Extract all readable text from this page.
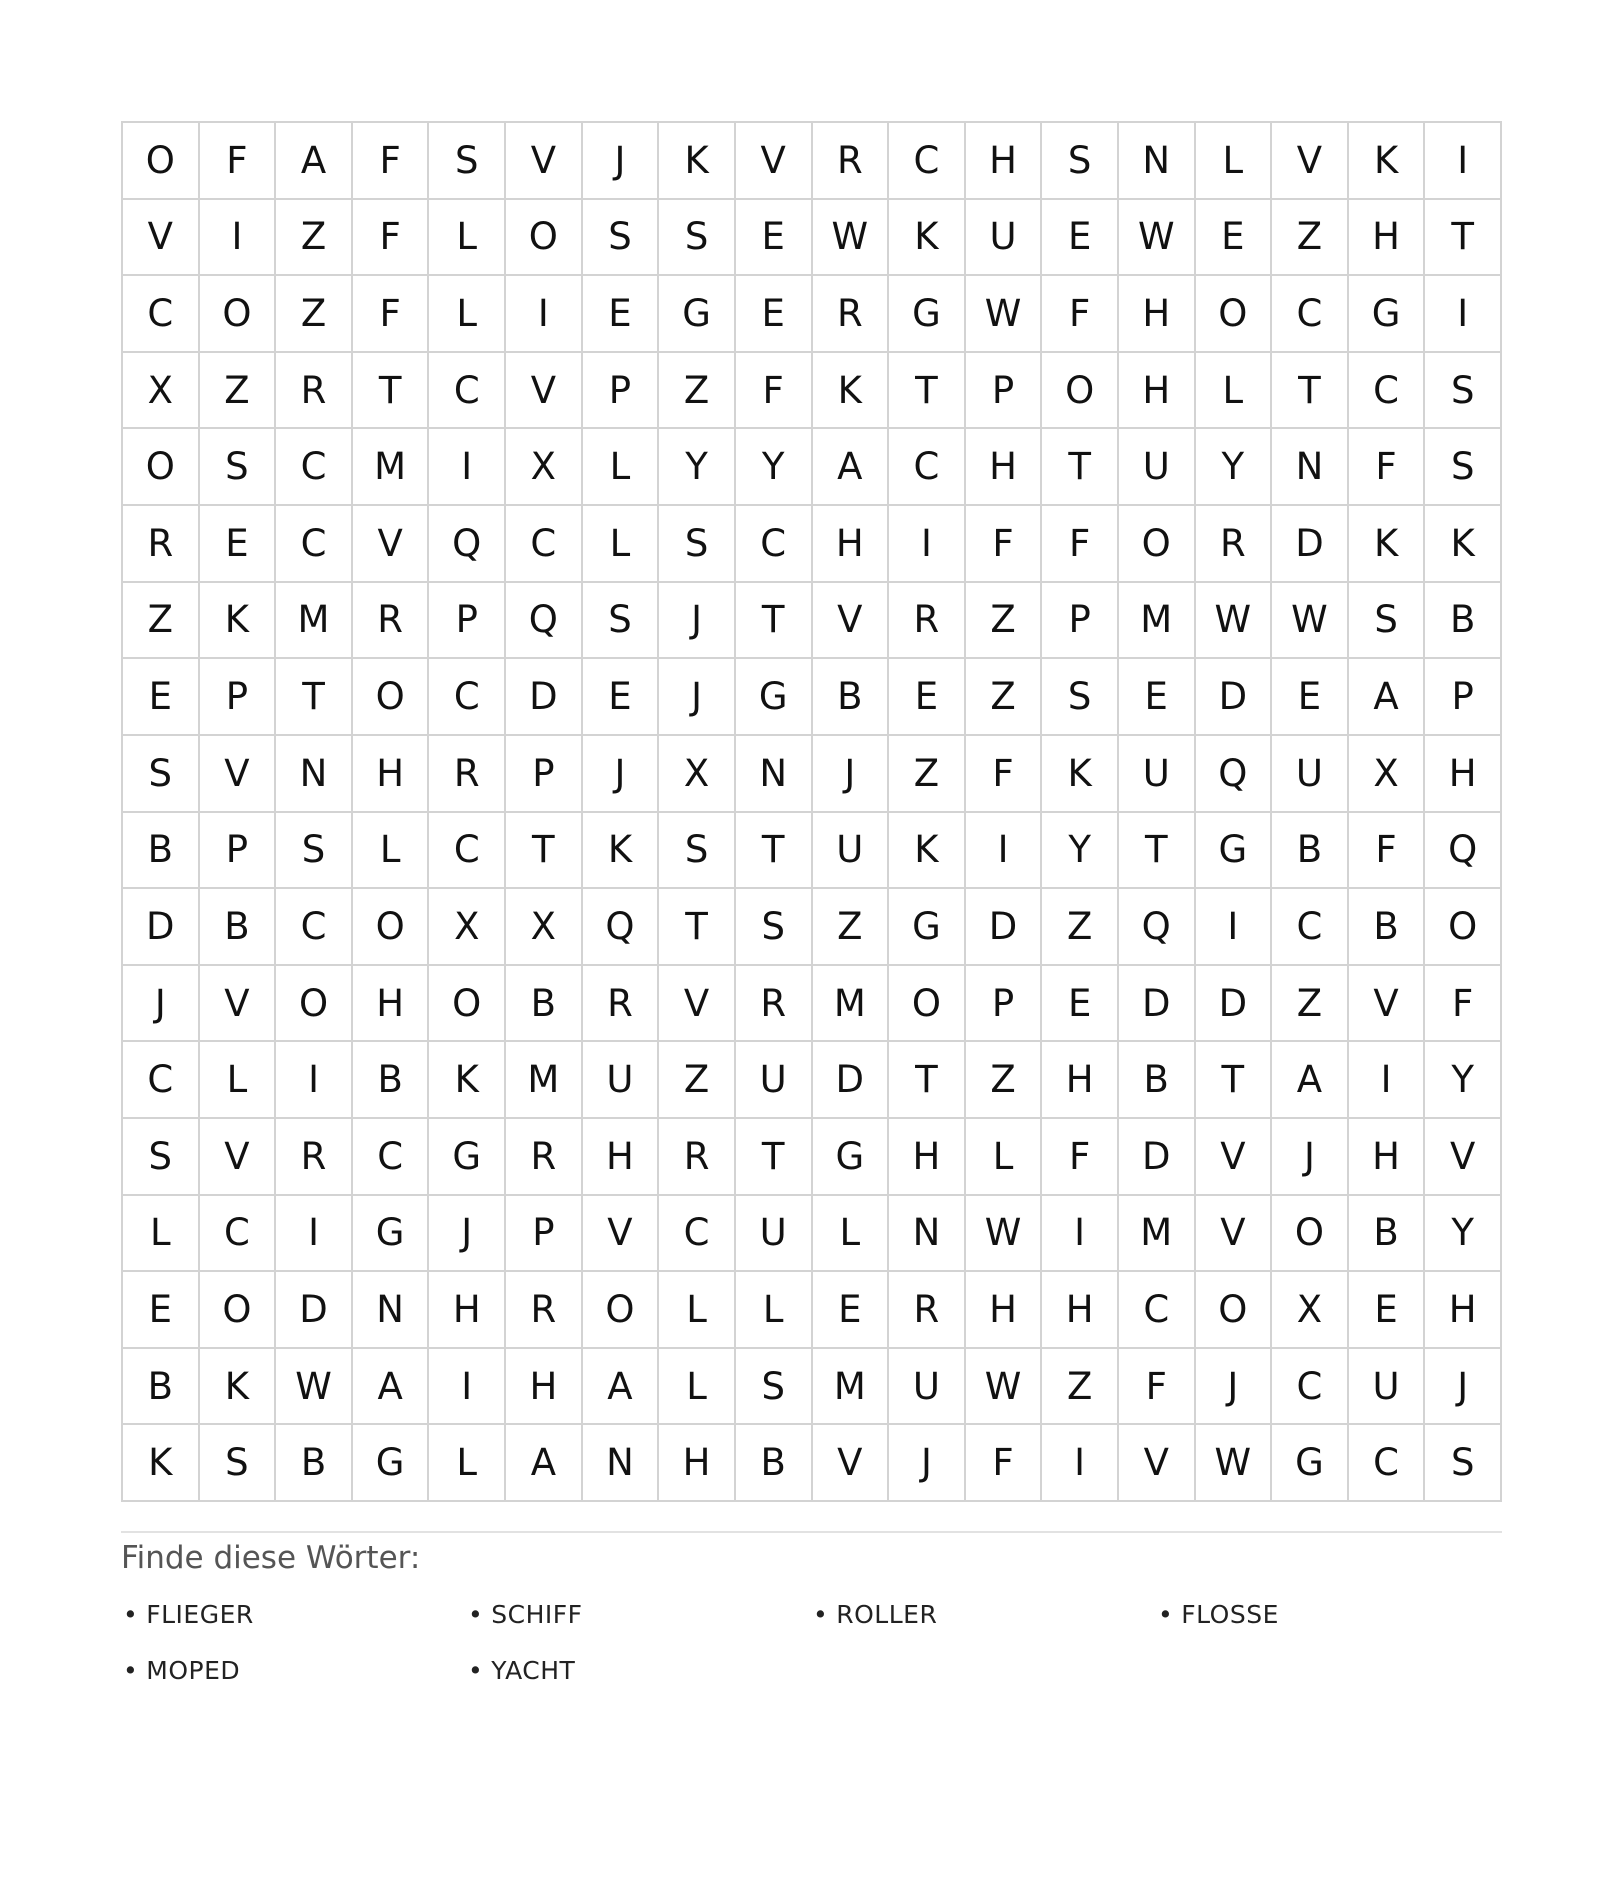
O	F	A	F	S	V	J	K	V	R	C	H	S	N	L	V	K	I
V	I	Z	F	L	O	S	S	E	W	K	U	E	W	E	Z	H	T
C	O	Z	F	L	I	E	G	E	R	G	W	F	H	O	C	G	I
X	Z	R	T	C	V	P	Z	F	K	T	P	O	H	L	T	C	S
O	S	C	M	I	X	L	Y	Y	A	C	H	T	U	Y	N	F	S
R	E	C	V	Q	C	L	S	C	H	I	F	F	O	R	D	K	K
Z	K	M	R	P	Q	S	J	T	V	R	Z	P	M	W	W	S	B
E	P	T	O	C	D	E	J	G	B	E	Z	S	E	D	E	A	P
S	V	N	H	R	P	J	X	N	J	Z	F	K	U	Q	U	X	H
B	P	S	L	C	T	K	S	T	U	K	I	Y	T	G	B	F	Q
D	B	C	O	X	X	Q	T	S	Z	G	D	Z	Q	I	C	B	O
J	V	O	H	O	B	R	V	R	M	O	P	E	D	D	Z	V	F
C	L	I	B	K	M	U	Z	U	D	T	Z	H	B	T	A	I	Y
S	V	R	C	G	R	H	R	T	G	H	L	F	D	V	J	H	V
L	C	I	G	J	P	V	C	U	L	N	W	I	M	V	O	B	Y
E	O	D	N	H	R	O	L	L	E	R	H	H	C	O	X	E	H
B	K	W	A	I	H	A	L	S	M	U	W	Z	F	J	C	U	J
K	S	B	G	L	A	N	H	B	V	J	F	I	V	W	G	C	S
Finde diese Wörter:
• FLIEGER	• SCHIFF	• ROLLER	• FLOSSE
• MOPED	• YACHT
